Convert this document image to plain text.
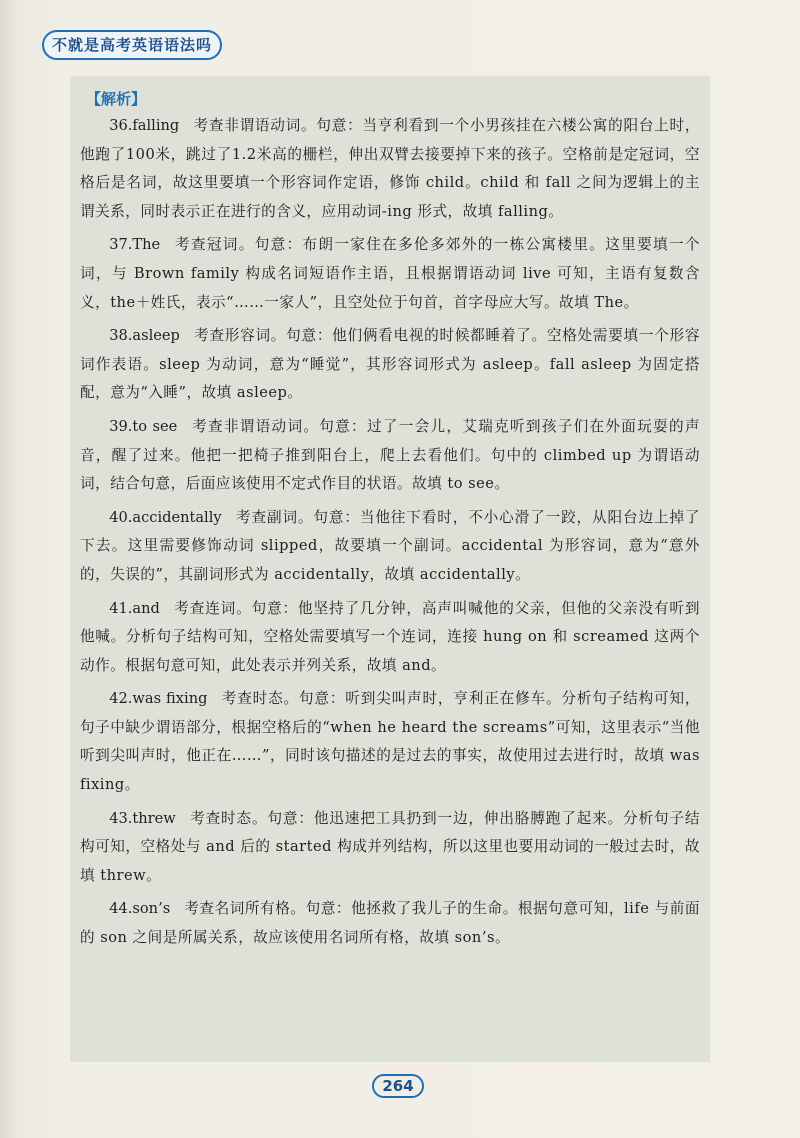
不就是高考英语语法吗
【解析】

36.falling 考查非谓语动词。句意：当亨利看到一个小男孩挂在六楼公寓的阳台上时，他跑了100米，跳过了1.2米高的栅栏，伸出双臂去接要掉下来的孩子。空格前是定冠词，空格后是名词，故这里要填一个形容词作定语，修饰 child。child 和 fall 之间为逻辑上的主谓关系，同时表示正在进行的含义，应用动词-ing 形式，故填 falling。

37.The 考查冠词。句意：布朗一家住在多伦多郊外的一栋公寓楼里。这里要填一个词，与 Brown family 构成名词短语作主语，且根据谓语动词 live 可知，主语有复数含义，the＋姓氏，表示“……一家人”，且空处位于句首，首字母应大写。故填 The。

38.asleep 考查形容词。句意：他们俩看电视的时候都睡着了。空格处需要填一个形容词作表语。sleep 为动词，意为“睡觉”，其形容词形式为 asleep。fall asleep 为固定搭配，意为“入睡”，故填 asleep。

39.to see 考查非谓语动词。句意：过了一会儿，艾瑞克听到孩子们在外面玩耍的声音，醒了过来。他把一把椅子推到阳台上，爬上去看他们。句中的 climbed up 为谓语动词，结合句意，后面应该使用不定式作目的状语。故填 to see。

40.accidentally 考查副词。句意：当他往下看时，不小心滑了一跤，从阳台边上掉了下去。这里需要修饰动词 slipped，故要填一个副词。accidental 为形容词，意为“意外的，失误的”，其副词形式为 accidentally，故填 accidentally。

41.and 考查连词。句意：他坚持了几分钟，高声叫喊他的父亲，但他的父亲没有听到他喊。分析句子结构可知，空格处需要填写一个连词，连接 hung on 和 screamed 这两个动作。根据句意可知，此处表示并列关系，故填 and。

42.was fixing 考查时态。句意：听到尖叫声时，亨利正在修车。分析句子结构可知，句子中缺少谓语部分，根据空格后的“when he heard the screams”可知，这里表示“当他听到尖叫声时，他正在……”，同时该句描述的是过去的事实，故使用过去进行时，故填 was fixing。

43.threw 考查时态。句意：他迅速把工具扔到一边，伸出胳膊跑了起来。分析句子结构可知，空格处与 and 后的 started 构成并列结构，所以这里也要用动词的一般过去时，故填 threw。

44.son’s 考查名词所有格。句意：他拯救了我儿子的生命。根据句意可知，life 与前面的 son 之间是所属关系，故应该使用名词所有格，故填 son’s。

264
